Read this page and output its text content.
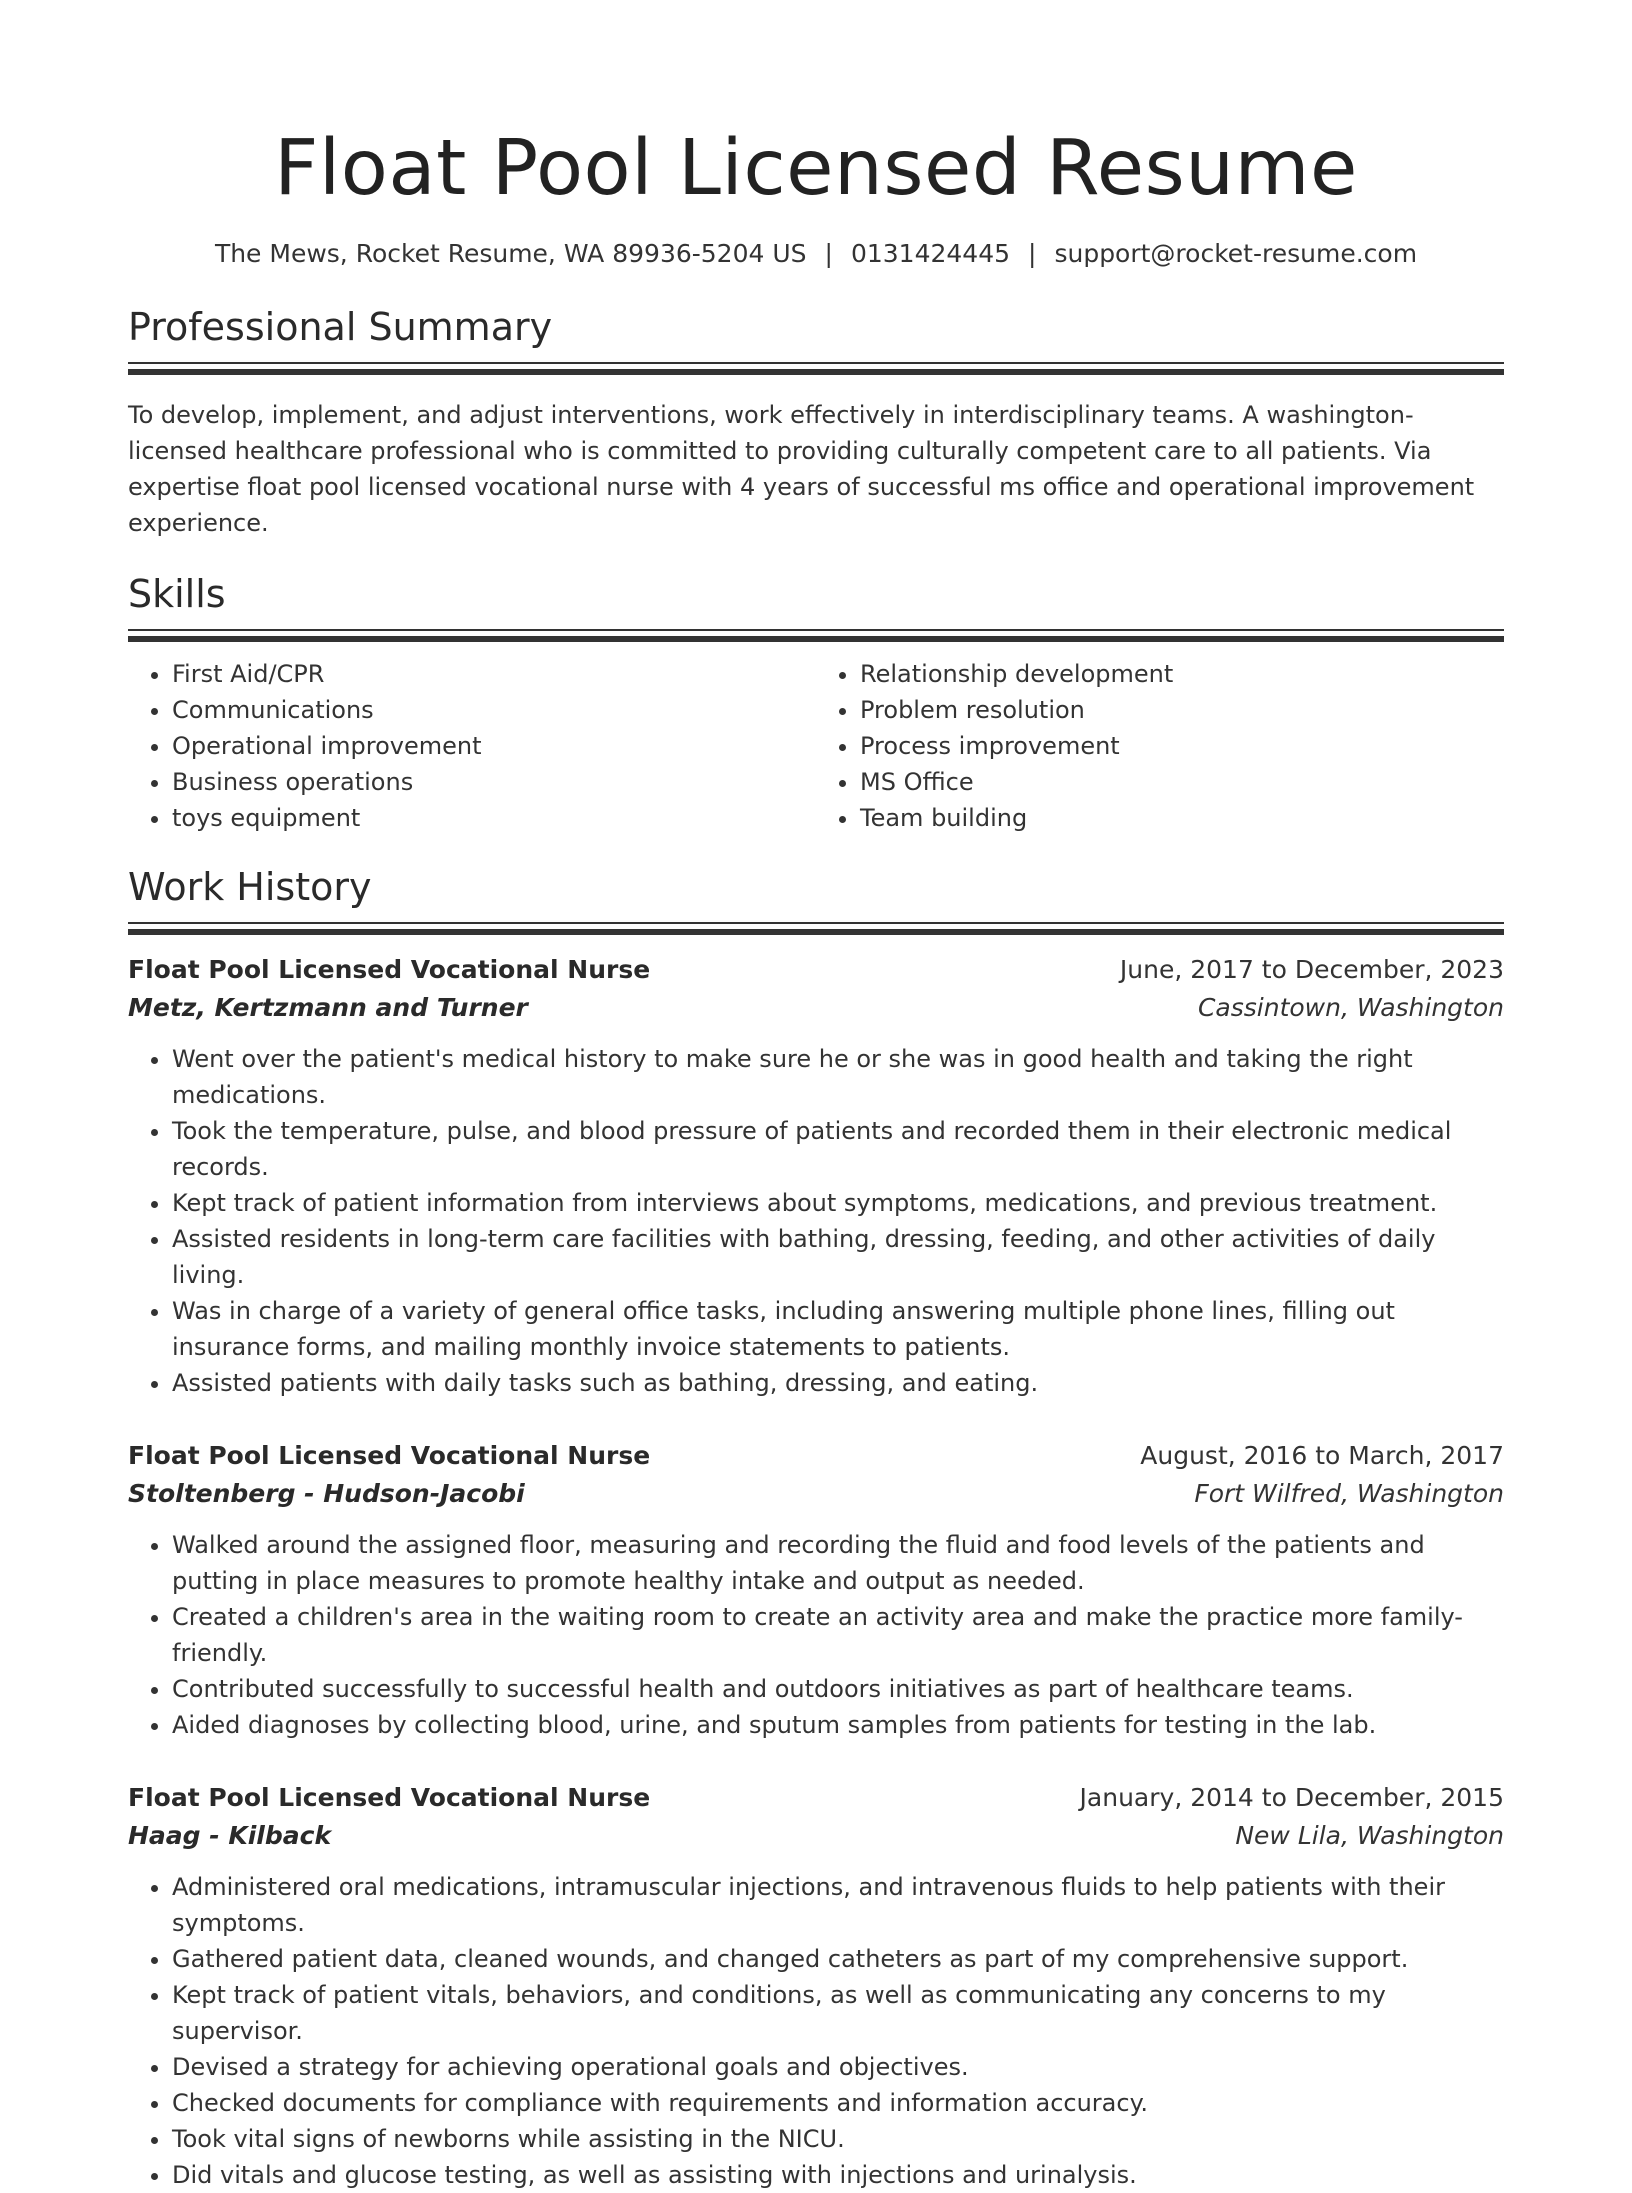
Float Pool Licensed Resume
The Mews, Rocket Resume, WA 89936-5204 US | 0131424445 | support@rocket-resume.com
Professional Summary

To develop, implement, and adjust interventions, work effectively in interdisciplinary teams. A washington-licensed healthcare professional who is committed to providing culturally competent care to all patients. Via expertise float pool licensed vocational nurse with 4 years of successful ms office and operational improvement experience.

Skills
• First Aid/CPR
• Communications
• Operational improvement
• Business operations
• toys equipment
• Relationship development
• Problem resolution
• Process improvement
• MS Office
• Team building
Work History
Float Pool Licensed Vocational Nurse	June, 2017 to December, 2023
Metz, Kertzmann and Turner	Cassintown, Washington
• Went over the patient's medical history to make sure he or she was in good health and taking the right medications.
• Took the temperature, pulse, and blood pressure of patients and recorded them in their electronic medical records.
• Kept track of patient information from interviews about symptoms, medications, and previous treatment.
• Assisted residents in long-term care facilities with bathing, dressing, feeding, and other activities of daily living.
• Was in charge of a variety of general office tasks, including answering multiple phone lines, filling out insurance forms, and mailing monthly invoice statements to patients.
• Assisted patients with daily tasks such as bathing, dressing, and eating.
Float Pool Licensed Vocational Nurse	August, 2016 to March, 2017
Stoltenberg - Hudson-Jacobi	Fort Wilfred, Washington
• Walked around the assigned floor, measuring and recording the fluid and food levels of the patients and putting in place measures to promote healthy intake and output as needed.
• Created a children's area in the waiting room to create an activity area and make the practice more family-friendly.
• Contributed successfully to successful health and outdoors initiatives as part of healthcare teams.
• Aided diagnoses by collecting blood, urine, and sputum samples from patients for testing in the lab.
Float Pool Licensed Vocational Nurse	January, 2014 to December, 2015
Haag - Kilback	New Lila, Washington
• Administered oral medications, intramuscular injections, and intravenous fluids to help patients with their symptoms.
• Gathered patient data, cleaned wounds, and changed catheters as part of my comprehensive support.
• Kept track of patient vitals, behaviors, and conditions, as well as communicating any concerns to my supervisor.
• Devised a strategy for achieving operational goals and objectives.
• Checked documents for compliance with requirements and information accuracy.
• Took vital signs of newborns while assisting in the NICU.
• Did vitals and glucose testing, as well as assisting with injections and urinalysis.
